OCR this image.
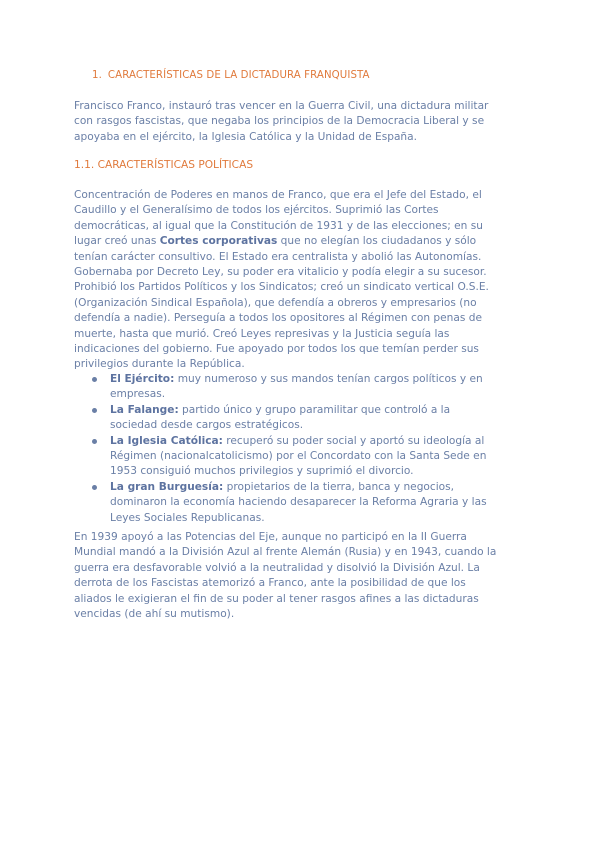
1. CARACTERÍSTICAS DE LA DICTADURA FRANQUISTA

Francisco Franco, instauró tras vencer en la Guerra Civil, una dictadura militar
con rasgos fascistas, que negaba los principios de la Democracia Liberal y se
apoyaba en el ejército, la Iglesia Católica y la Unidad de España.

1.1. CARACTERÍSTICAS POLÍTICAS

Concentración de Poderes en manos de Franco, que era el Jefe del Estado, el
Caudillo y el Generalísimo de todos los ejércitos. Suprimió las Cortes
democráticas, al igual que la Constitución de 1931 y de las elecciones; en su
lugar creó unas Cortes corporativas que no elegían los ciudadanos y sólo
tenían carácter consultivo. El Estado era centralista y abolió las Autonomías.
Gobernaba por Decreto Ley, su poder era vitalicio y podía elegir a su sucesor.
Prohibió los Partidos Políticos y los Sindicatos; creó un sindicato vertical O.S.E.
(Organización Sindical Española), que defendía a obreros y empresarios (no
defendía a nadie). Perseguía a todos los opositores al Régimen con penas de
muerte, hasta que murió. Creó Leyes represivas y la Justicia seguía las
indicaciones del gobierno. Fue apoyado por todos los que temían perder sus
privilegios durante la República.

El Ejército: muy numeroso y sus mandos tenían cargos políticos y en
empresas.
La Falange: partido único y grupo paramilitar que controló a la
sociedad desde cargos estratégicos.
La Iglesia Católica: recuperó su poder social y aportó su ideología al
Régimen (nacionalcatolicismo) por el Concordato con la Santa Sede en
1953 consiguió muchos privilegios y suprimió el divorcio.
La gran Burguesía: propietarios de la tierra, banca y negocios,
dominaron la economía haciendo desaparecer la Reforma Agraria y las
Leyes Sociales Republicanas.

En 1939 apoyó a las Potencias del Eje, aunque no participó en la II Guerra
Mundial mandó a la División Azul al frente Alemán (Rusia) y en 1943, cuando la
guerra era desfavorable volvió a la neutralidad y disolvió la División Azul. La
derrota de los Fascistas atemorizó a Franco, ante la posibilidad de que los
aliados le exigieran el fin de su poder al tener rasgos afines a las dictaduras
vencidas (de ahí su mutismo).
